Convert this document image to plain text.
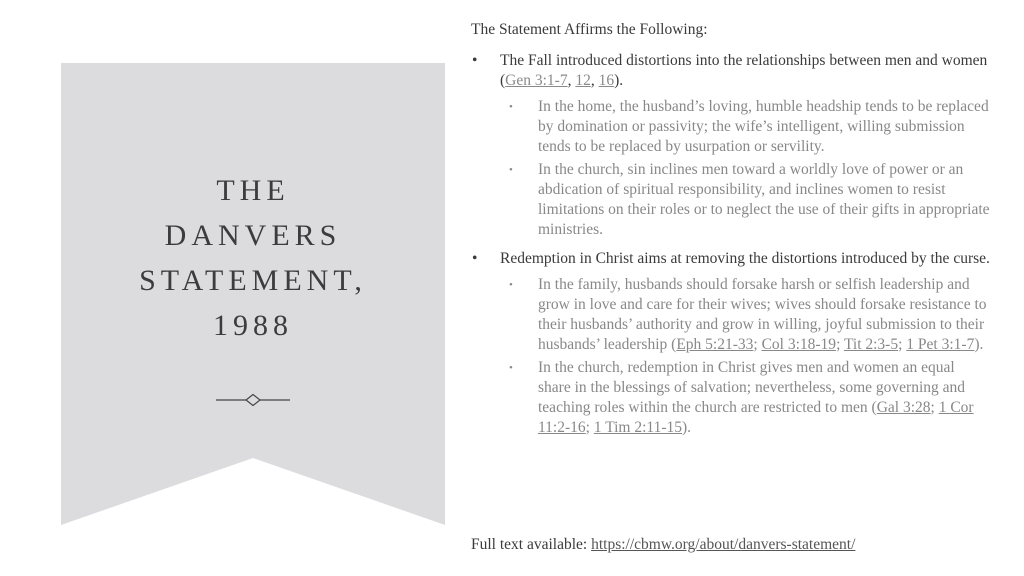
THE
DANVERS
STATEMENT,
1988
The Statement Affirms the Following:
• The Fall introduced distortions into the relationships between men and women (Gen 3:1-7, 12, 16).
• In the home, the husband’s loving, humble headship tends to be replaced by domination or passivity; the wife’s intelligent, willing submission tends to be replaced by usurpation or servility.
• In the church, sin inclines men toward a worldly love of power or an abdication of spiritual responsibility, and inclines women to resist limitations on their roles or to neglect the use of their gifts in appropriate ministries.
• Redemption in Christ aims at removing the distortions introduced by the curse.
• In the family, husbands should forsake harsh or selfish leadership and grow in love and care for their wives; wives should forsake resistance to their husbands’ authority and grow in willing, joyful submission to their husbands’ leadership (Eph 5:21-33; Col 3:18-19; Tit 2:3-5; 1 Pet 3:1-7).
• In the church, redemption in Christ gives men and women an equal share in the blessings of salvation; nevertheless, some governing and teaching roles within the church are restricted to men (Gal 3:28; 1 Cor 11:2-16; 1 Tim 2:11-15).
Full text available: https://cbmw.org/about/danvers-statement/
